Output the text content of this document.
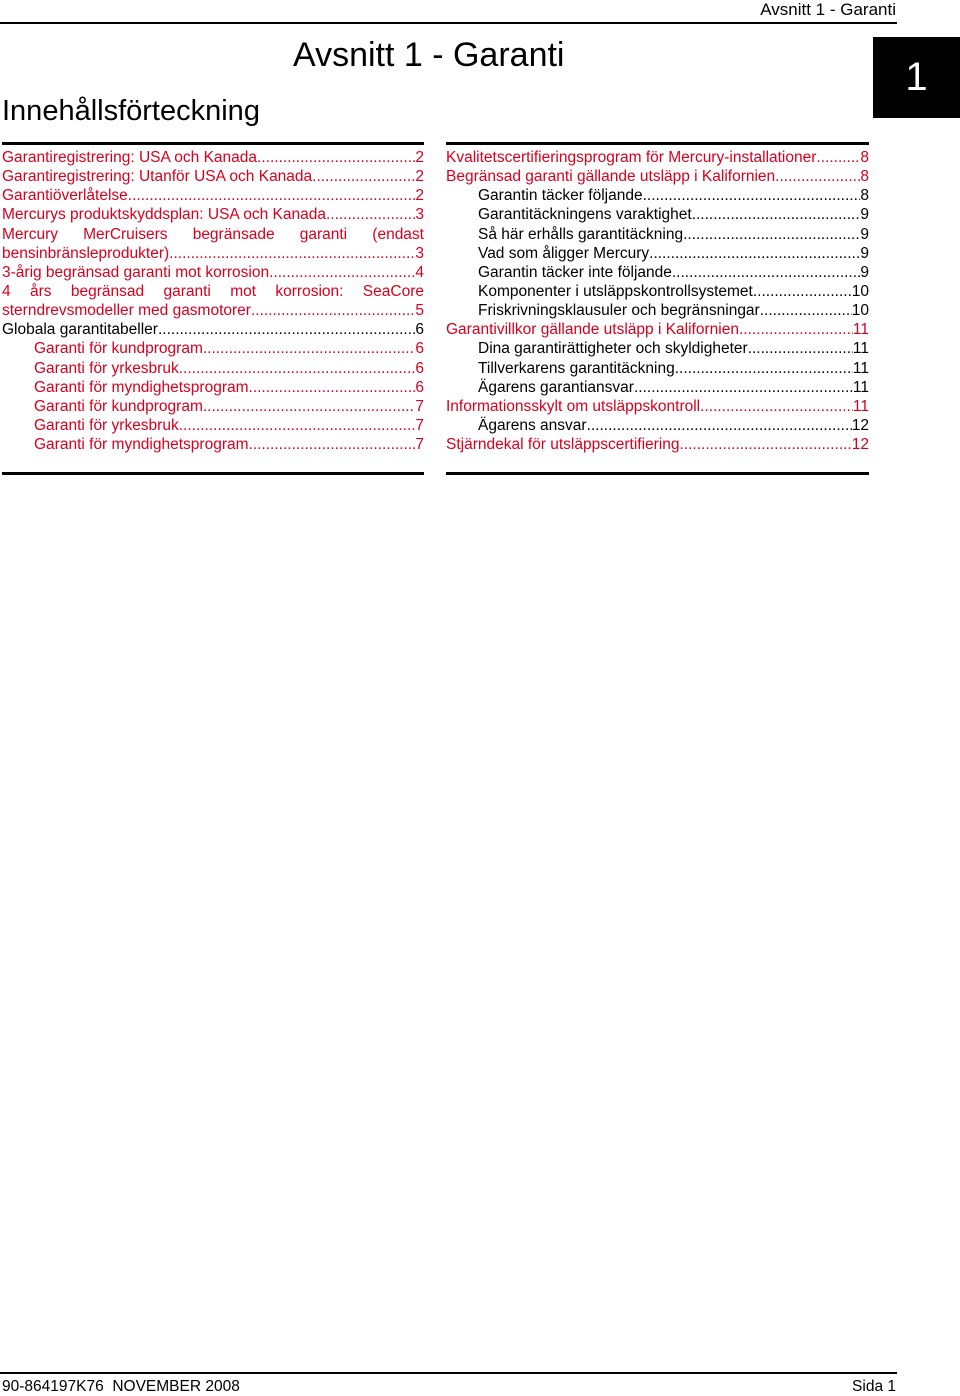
Avsnitt 1 - Garanti
Avsnitt 1 - Garanti	1
Innehållsförteckning
Garantiregistrering: USA och Kanada .....	2
Garantiregistrering: Utanför USA och Kanada .....	2
Garantiöverlåtelse .....	2
Mercurys produktskyddsplan: USA och Kanada .....	3
Mercury MerCruisers begränsade garanti (endast
bensinbränsleprodukter) .....	3
3-årig begränsad garanti mot korrosion .....	4
4 års begränsad garanti mot korrosion: SeaCore
sterndrevsmodeller med gasmotorer .....	5
Globala garantitabeller .....	6
Garanti för kundprogram .....	6
Garanti för yrkesbruk .....	6
Garanti för myndighetsprogram .....	6
Garanti för kundprogram .....	7
Garanti för yrkesbruk .....	7
Garanti för myndighetsprogram .....	7
Kvalitetscertifieringsprogram för Mercury-installationer .....	8
Begränsad garanti gällande utsläpp i Kalifornien .....	8
Garantin täcker följande .....	8
Garantitäckningens varaktighet .....	9
Så här erhålls garantitäckning .....	9
Vad som åligger Mercury .....	9
Garantin täcker inte följande .....	9
Komponenter i utsläppskontrollsystemet .....	10
Friskrivningsklausuler och begränsningar .....	10
Garantivillkor gällande utsläpp i Kalifornien .....	11
Dina garantirättigheter och skyldigheter .....	11
Tillverkarens garantitäckning .....	11
Ägarens garantiansvar .....	11
Informationsskylt om utsläppskontroll .....	11
Ägarens ansvar .....	12
Stjärndekal för utsläppscertifiering .....	12
90-864197K76 NOVEMBER 2008	Sida 1
